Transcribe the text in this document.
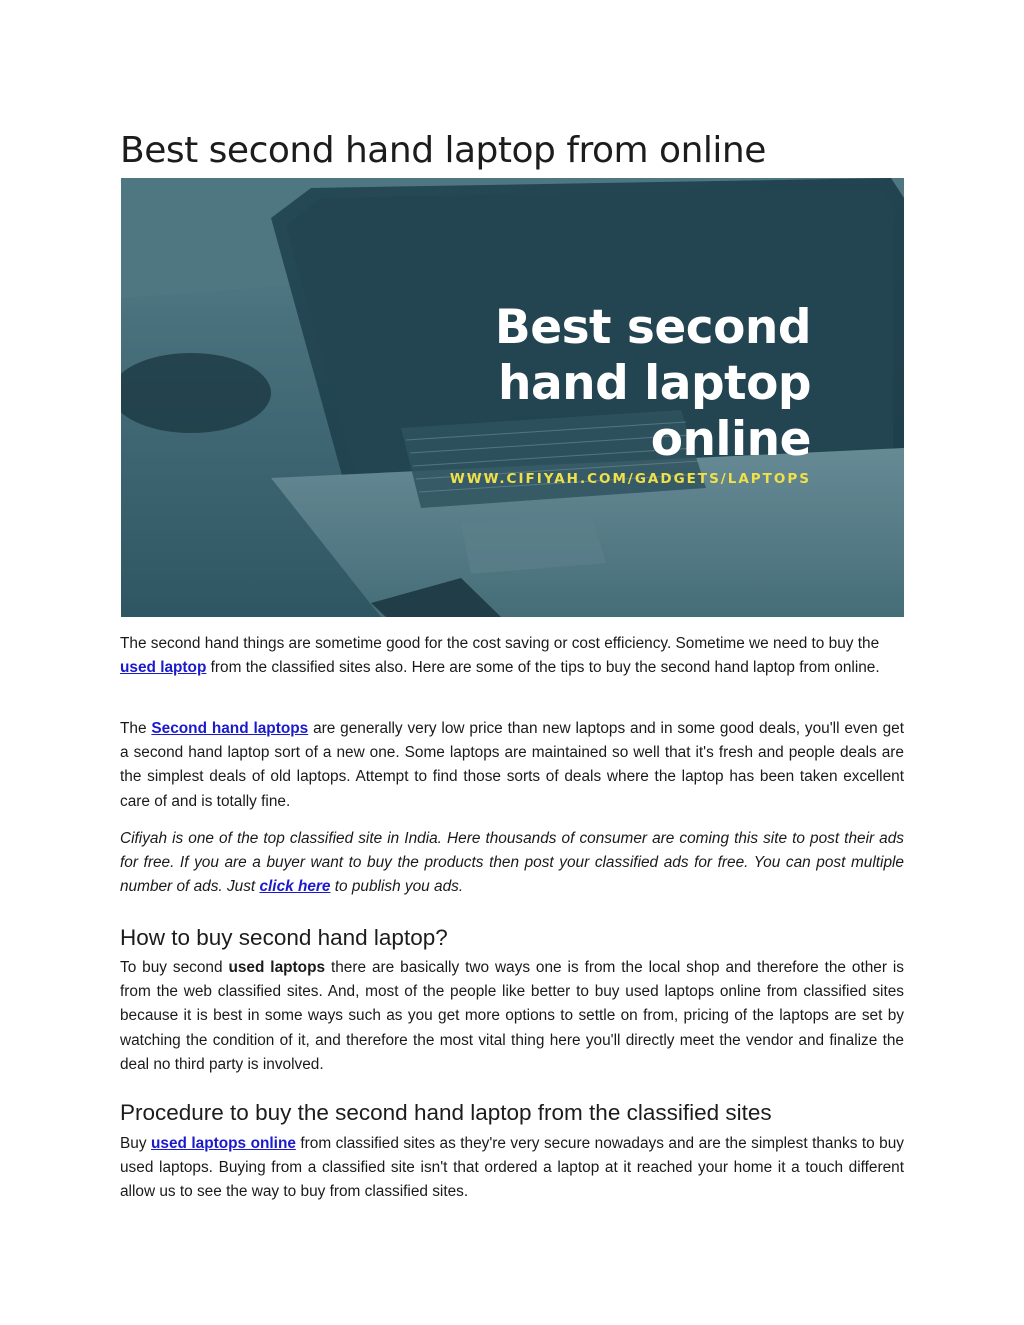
Best second hand laptop from online
Best second
hand laptop
online
WWW.CIFIYAH.COM/GADGETS/LAPTOPS

The second hand things are sometime good for the cost saving or cost efficiency. Sometime we need to buy the used laptop from the classified sites also. Here are some of the tips to buy the second hand laptop from online.

The Second hand laptops are generally very low price than new laptops and in some good deals, you'll even get a second hand laptop sort of a new one. Some laptops are maintained so well that it's fresh and people deals are the simplest deals of old laptops. Attempt to find those sorts of deals where the laptop has been taken excellent care of and is totally fine.

Cifiyah is one of the top classified site in India. Here thousands of consumer are coming this site to post their ads for free. If you are a buyer want to buy the products then post your classified ads for free. You can post multiple number of ads. Just click here to publish you ads.

How to buy second hand laptop?

To buy second used laptops there are basically two ways one is from the local shop and therefore the other is from the web classified sites. And, most of the people like better to buy used laptops online from classified sites because it is best in some ways such as you get more options to settle on from, pricing of the laptops are set by watching the condition of it, and therefore the most vital thing here you'll directly meet the vendor and finalize the deal no third party is involved.

Procedure to buy the second hand laptop from the classified sites

Buy used laptops online from classified sites as they're very secure nowadays and are the simplest thanks to buy used laptops. Buying from a classified site isn't that ordered a laptop at it reached your home it a touch different allow us to see the way to buy from classified sites.
